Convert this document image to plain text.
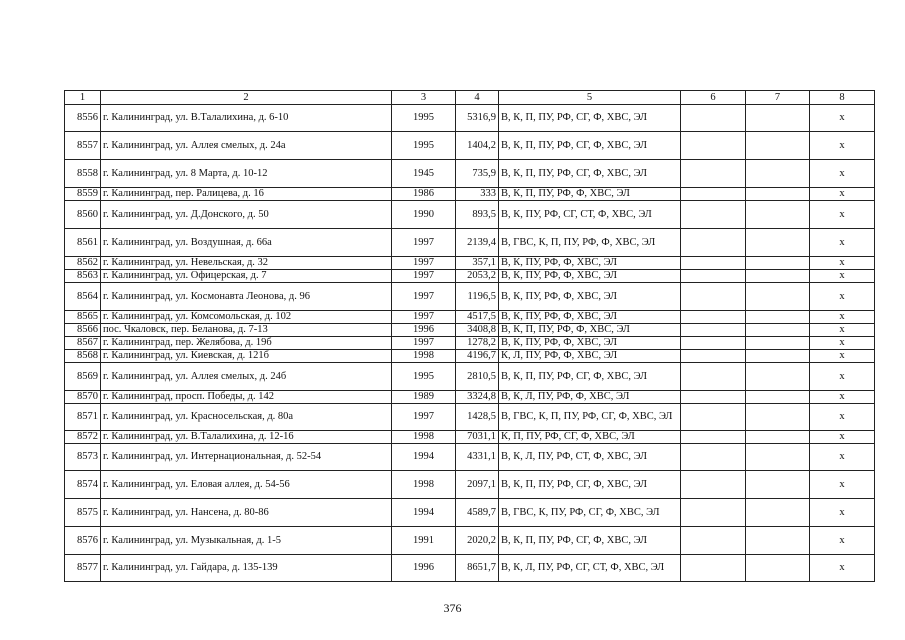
1	2	3	4	5	6	7	8
8556	г. Калининград, ул. В.Талалихина, д. 6-10	1995	5316,9	В, К, П, ПУ, РФ, СГ, Ф, ХВС, ЭЛ			x
8557	г. Калининград, ул. Аллея смелых, д. 24а	1995	1404,2	В, К, П, ПУ, РФ, СГ, Ф, ХВС, ЭЛ			x
8558	г. Калининград, ул. 8 Марта, д. 10-12	1945	735,9	В, К, П, ПУ, РФ, СГ, Ф, ХВС, ЭЛ			x
8559	г. Калининград, пер. Ралицева, д. 16	1986	333	В, К, П, ПУ, РФ, Ф, ХВС, ЭЛ			x
8560	г. Калининград, ул. Д.Донского, д. 50	1990	893,5	В, К, ПУ, РФ, СГ, СТ, Ф, ХВС, ЭЛ			x
8561	г. Калининград, ул. Воздушная, д. 66а	1997	2139,4	В, ГВС, К, П, ПУ, РФ, Ф, ХВС, ЭЛ			x
8562	г. Калининград, ул. Невельская, д. 32	1997	357,1	В, К, ПУ, РФ, Ф, ХВС, ЭЛ			x
8563	г. Калининград, ул. Офицерская, д. 7	1997	2053,2	В, К, ПУ, РФ, Ф, ХВС, ЭЛ			x
8564	г. Калининград, ул. Космонавта Леонова, д. 96	1997	1196,5	В, К, ПУ, РФ, Ф, ХВС, ЭЛ			x
8565	г. Калининград, ул. Комсомольская, д. 102	1997	4517,5	В, К, ПУ, РФ, Ф, ХВС, ЭЛ			x
8566	пос. Чкаловск, пер. Беланова, д. 7-13	1996	3408,8	В, К, П, ПУ, РФ, Ф, ХВС, ЭЛ			x
8567	г. Калининград, пер. Желябова, д. 19б	1997	1278,2	В, К, ПУ, РФ, Ф, ХВС, ЭЛ			x
8568	г. Калининград, ул. Киевская, д. 121б	1998	4196,7	К, Л, ПУ, РФ, Ф, ХВС, ЭЛ			x
8569	г. Калининград, ул. Аллея смелых, д. 24б	1995	2810,5	В, К, П, ПУ, РФ, СГ, Ф, ХВС, ЭЛ			x
8570	г. Калининград, просп. Победы, д. 142	1989	3324,8	В, К, Л, ПУ, РФ, Ф, ХВС, ЭЛ			x
8571	г. Калининград, ул. Красносельская, д. 80а	1997	1428,5	В, ГВС, К, П, ПУ, РФ, СГ, Ф, ХВС, ЭЛ			x
8572	г. Калининград, ул. В.Талалихина, д. 12-16	1998	7031,1	К, П, ПУ, РФ, СГ, Ф, ХВС, ЭЛ			x
8573	г. Калининград, ул. Интернациональная, д. 52-54	1994	4331,1	В, К, Л, ПУ, РФ, СТ, Ф, ХВС, ЭЛ			x
8574	г. Калининград, ул. Еловая аллея, д. 54-56	1998	2097,1	В, К, П, ПУ, РФ, СГ, Ф, ХВС, ЭЛ			x
8575	г. Калининград, ул. Нансена, д. 80-86	1994	4589,7	В, ГВС, К, ПУ, РФ, СГ, Ф, ХВС, ЭЛ			x
8576	г. Калининград, ул. Музыкальная, д. 1-5	1991	2020,2	В, К, П, ПУ, РФ, СГ, Ф, ХВС, ЭЛ			x
8577	г. Калининград, ул. Гайдара, д. 135-139	1996	8651,7	В, К, Л, ПУ, РФ, СГ, СТ, Ф, ХВС, ЭЛ			x
376
